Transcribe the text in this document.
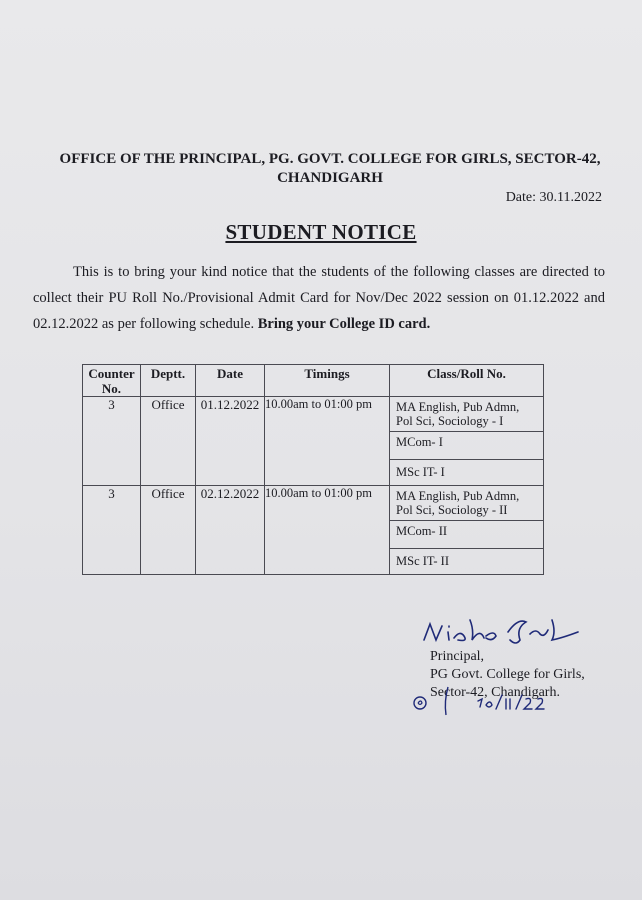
OFFICE OF THE PRINCIPAL, PG. GOVT. COLLEGE FOR GIRLS, SECTOR-42,
CHANDIGARH
Date: 30.11.2022
STUDENT NOTICE
This is to bring your kind notice that the students of the following classes are directed to collect their PU Roll No./Provisional Admit Card for Nov/Dec 2022 session on 01.12.2022 and 02.12.2022 as per following schedule. Bring your College ID card.
Counter No.	Deptt.	Date	Timings	Class/Roll No.
3	Office	01.12.2022	10.00am to 01:00 pm	MA English, Pub Admn, Pol Sci, Sociology - I
MCom- I
MSc IT- I

3	Office	02.12.2022	10.00am to 01:00 pm	MA English, Pub Admn, Pol Sci, Sociology - II
MCom- II
MSc IT- II
Principal,
PG Govt. College for Girls,
Sector-42, Chandigarh.
